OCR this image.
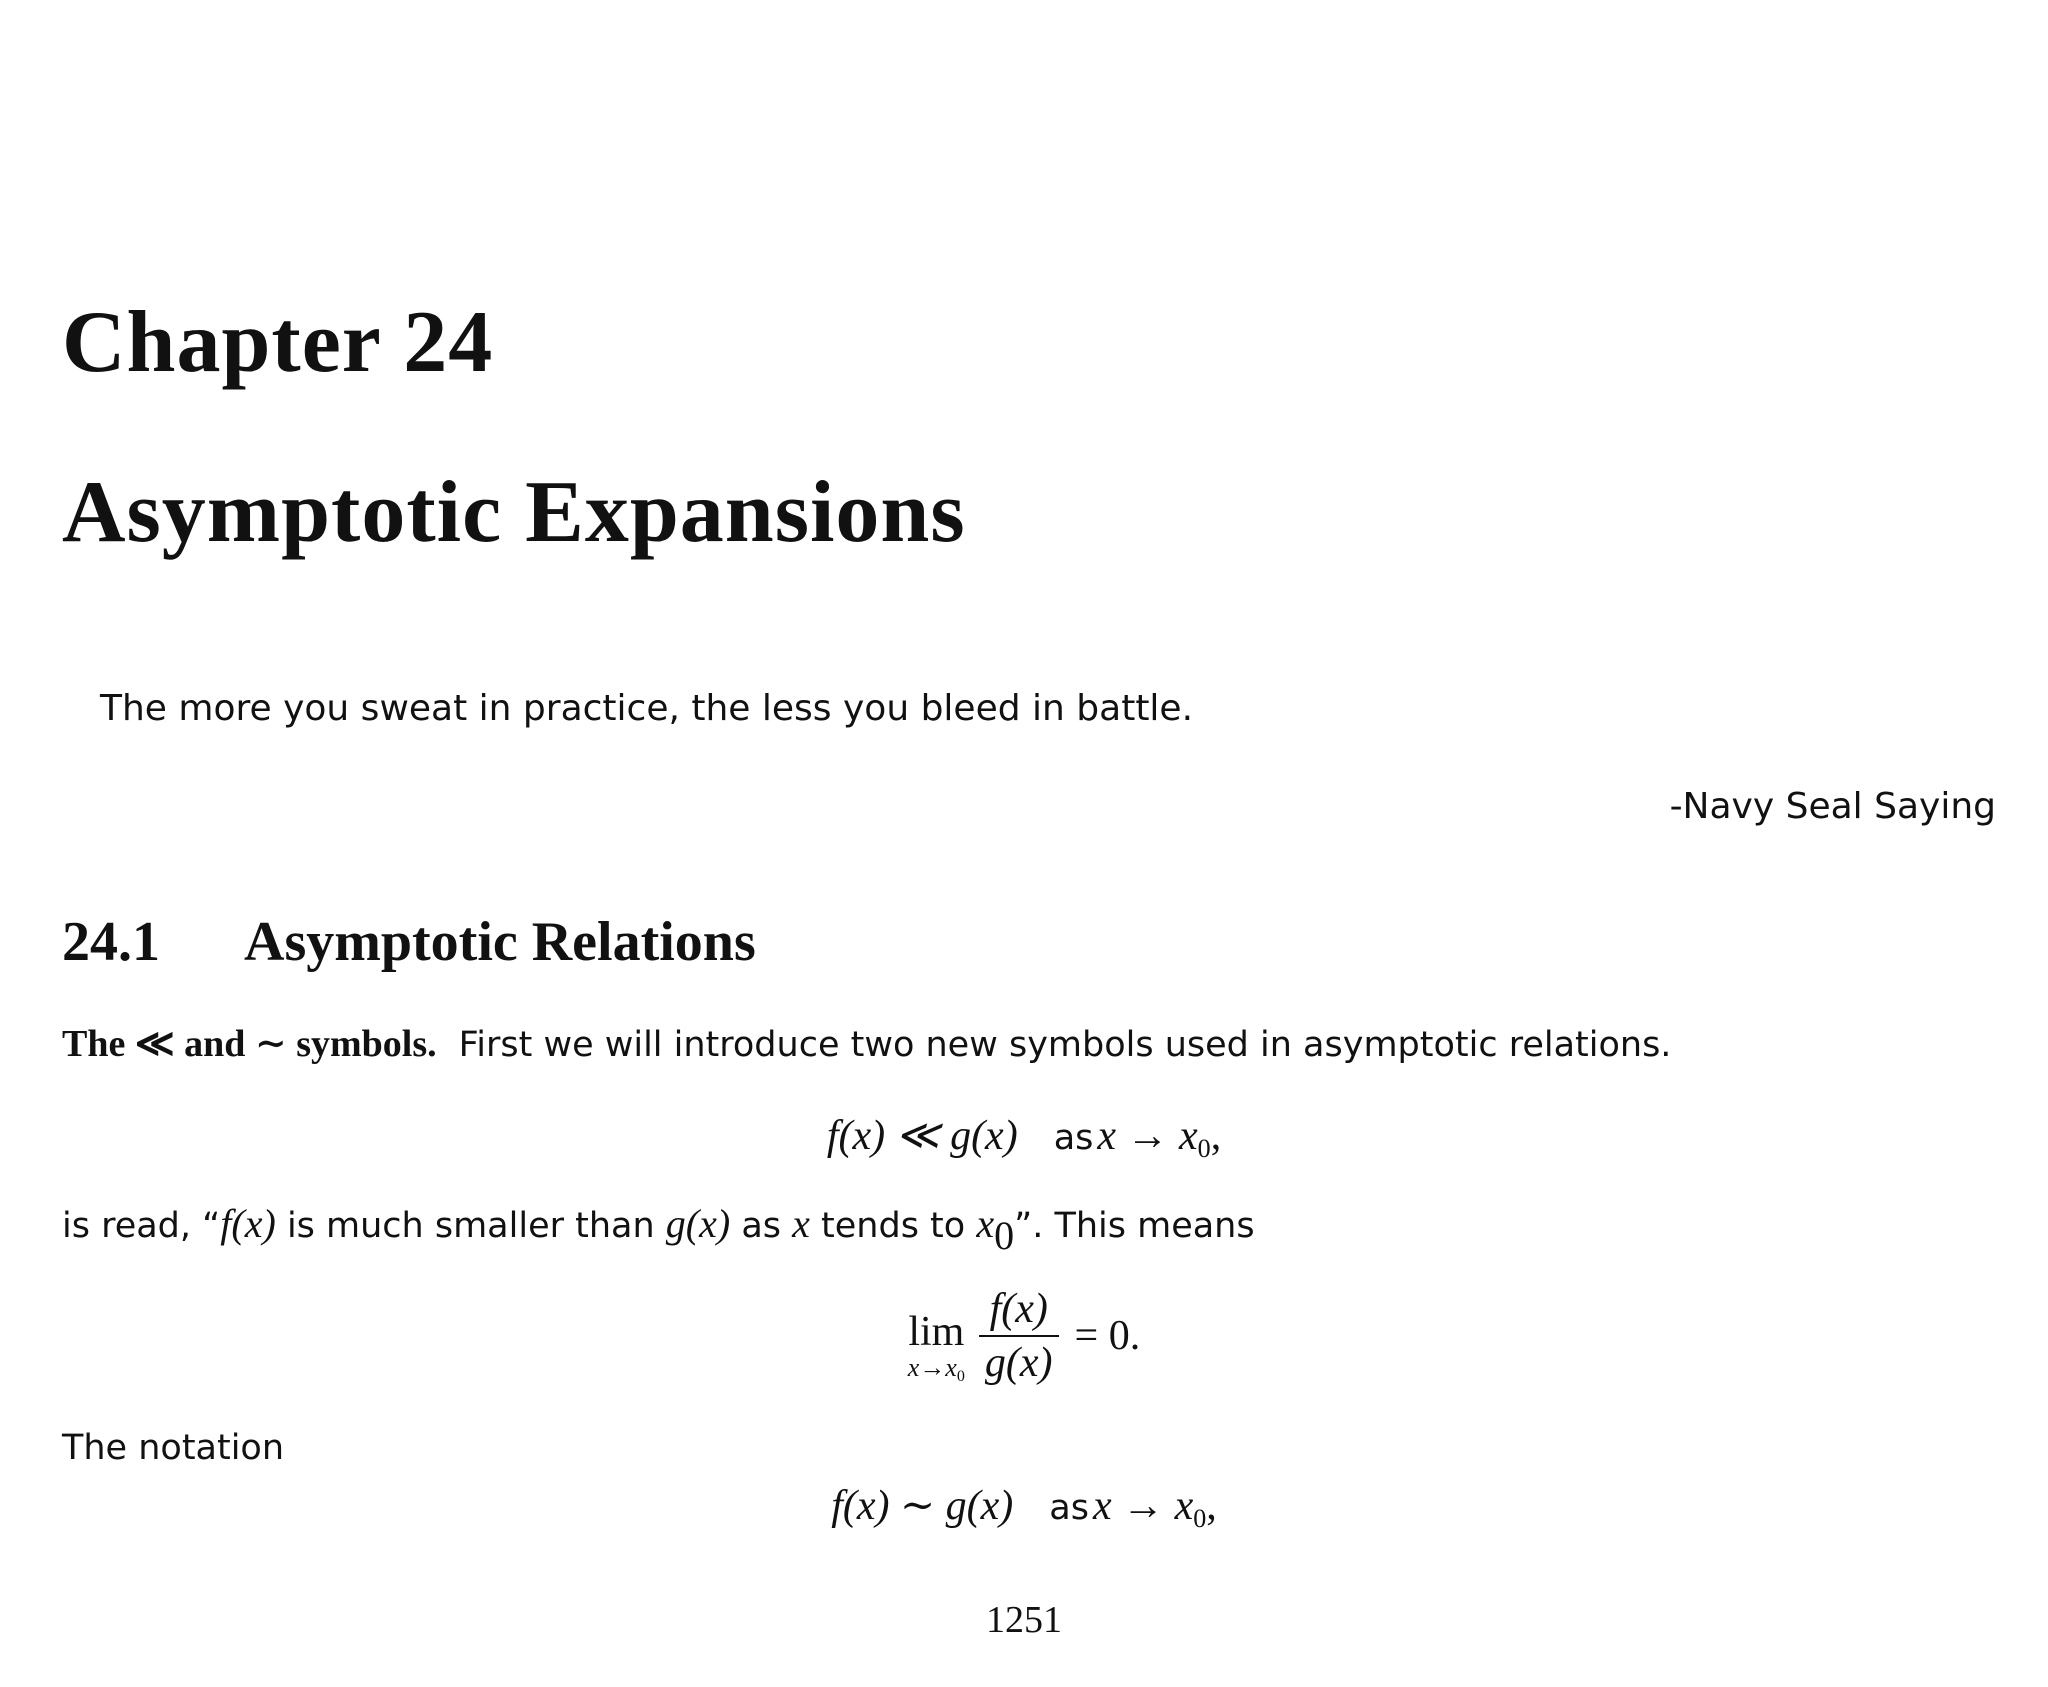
Chapter 24
Asymptotic Expansions
The more you sweat in practice, the less you bleed in battle.
-Navy Seal Saying
24.1 Asymptotic Relations
The ≪ and ∼ symbols. First we will introduce two new symbols used in asymptotic relations.
f(x) ≪ g(x) as $x \to x_0$,
is read, “f(x) is much smaller than g(x) as x tends to $x_0$”. This means
lim
$x\to x_0 \frac{f(x)}{g(x)} = 0$.
The notation
f(x) ∼ g(x) as $x \to x_0$,
1251
